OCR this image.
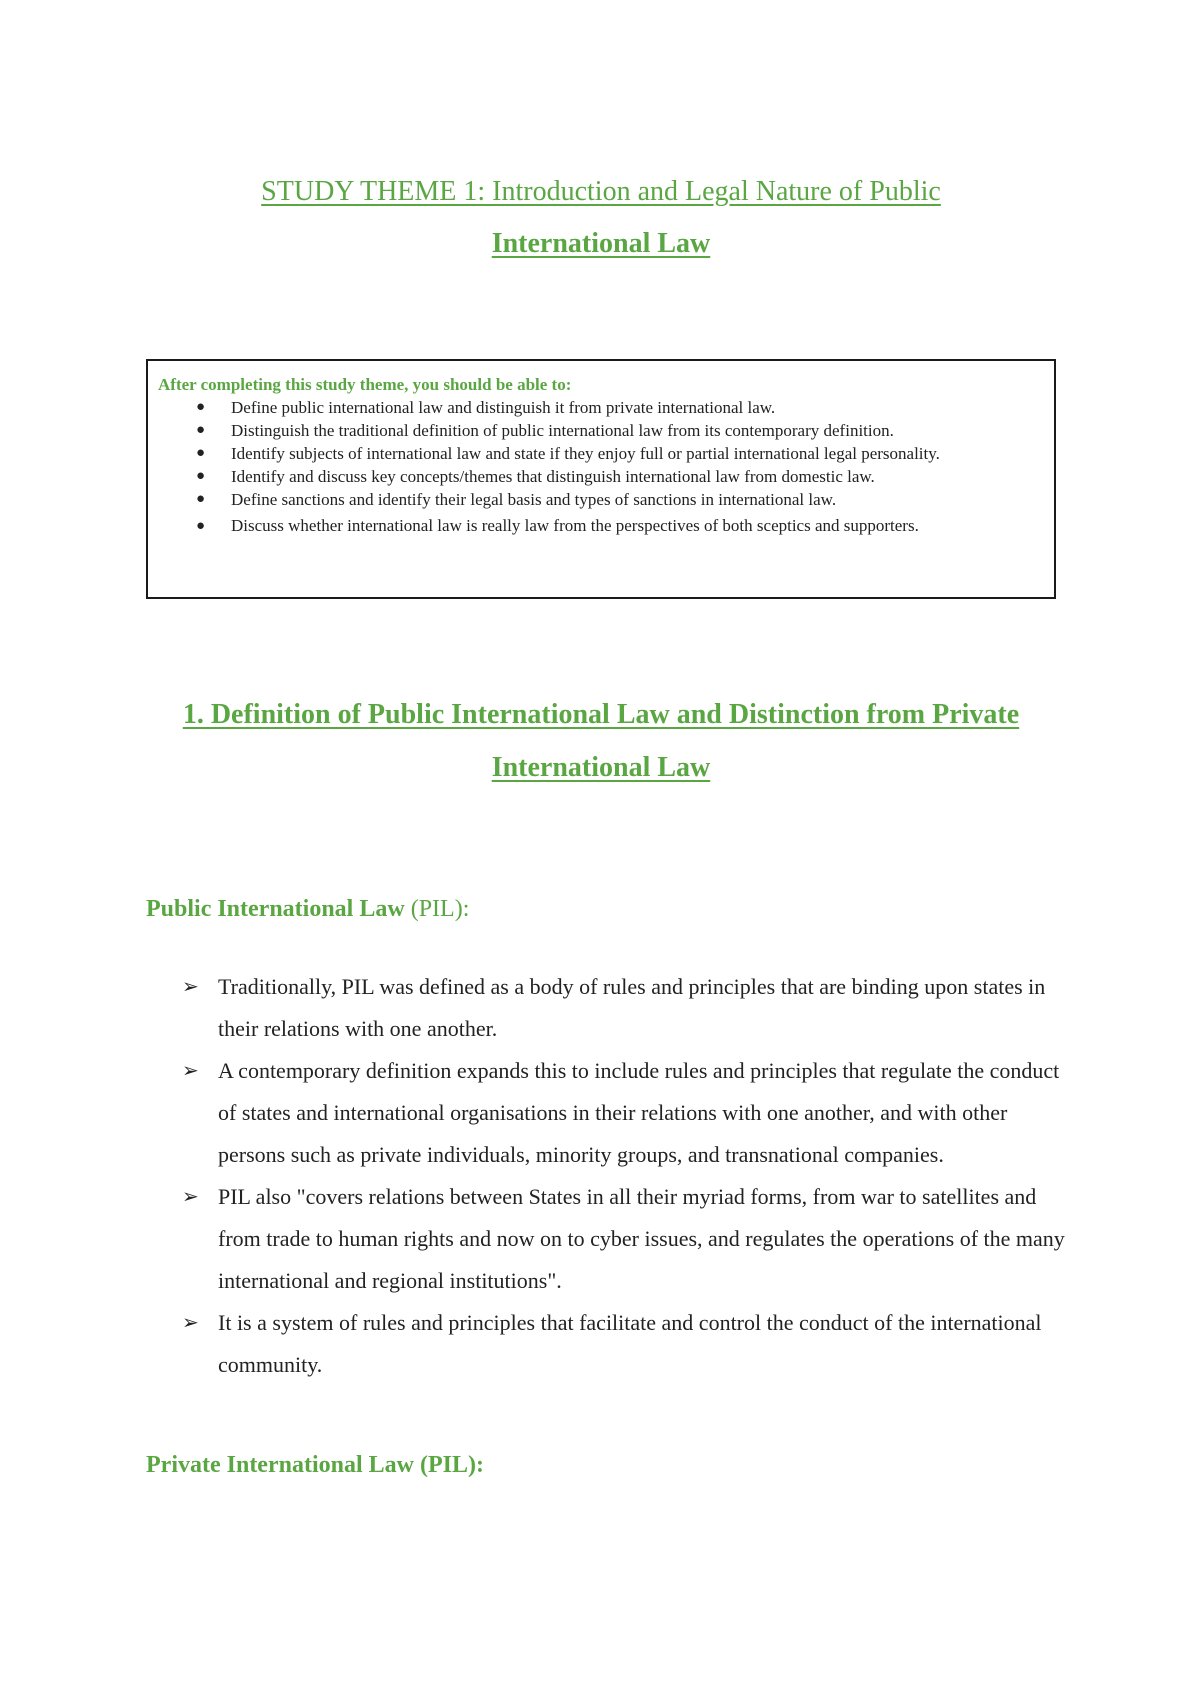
STUDY THEME 1: Introduction and Legal Nature of Public
International Law

After completing this study theme, you should be able to:

● Define public international law and distinguish it from private international law.
● Distinguish the traditional definition of public international law from its contemporary definition.
● Identify subjects of international law and state if they enjoy full or partial international legal personality.
● Identify and discuss key concepts/themes that distinguish international law from domestic law.
● Define sanctions and identify their legal basis and types of sanctions in international law.
● Discuss whether international law is really law from the perspectives of both sceptics and supporters.
1. Definition of Public International Law and Distinction from Private
International Law
Public International Law (PIL):
➢ Traditionally, PIL was defined as a body of rules and principles that are binding upon states in their relations with one another.
➢ A contemporary definition expands this to include rules and principles that regulate the conduct of states and international organisations in their relations with one another, and with other persons such as private individuals, minority groups, and transnational companies.
➢ PIL also "covers relations between States in all their myriad forms, from war to satellites and from trade to human rights and now on to cyber issues, and regulates the operations of the many international and regional institutions".
➢ It is a system of rules and principles that facilitate and control the conduct of the international community.
Private International Law (PIL):
